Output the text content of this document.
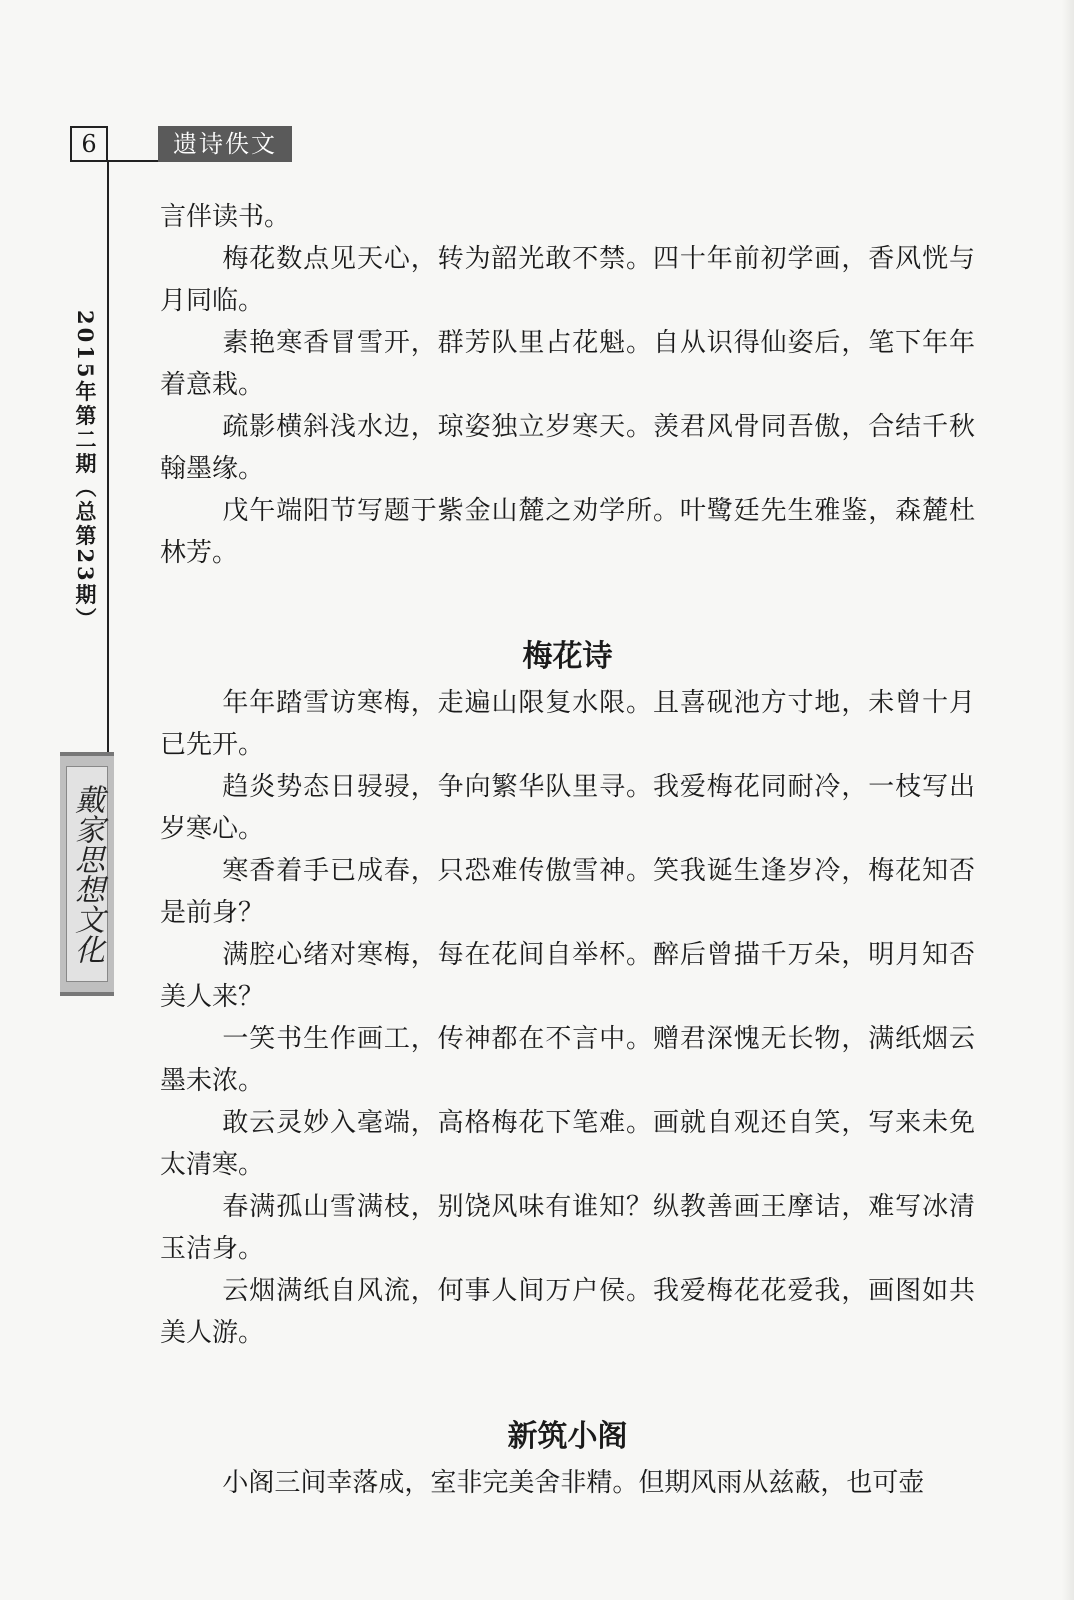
6	遗诗佚文
2015年第二期（总第23期）
戴家思想文化

言伴读书。

梅花数点见天心，转为韶光敢不禁。四十年前初学画，香风恍与月同临。

素艳寒香冒雪开，群芳队里占花魁。自从识得仙姿后，笔下年年着意栽。

疏影横斜浅水边，琼姿独立岁寒天。羡君风骨同吾傲，合结千秋翰墨缘。

戊午端阳节写题于紫金山麓之劝学所。叶鹭廷先生雅鉴，森麓杜林芳。

梅花诗

年年踏雪访寒梅，走遍山限复水限。且喜砚池方寸地，未曾十月已先开。

趋炎势态日骎骎，争向繁华队里寻。我爱梅花同耐冷，一枝写出岁寒心。

寒香着手已成春，只恐难传傲雪神。笑我诞生逢岁冷，梅花知否是前身？

满腔心绪对寒梅，每在花间自举杯。醉后曾描千万朵，明月知否美人来？

一笑书生作画工，传神都在不言中。赠君深愧无长物，满纸烟云墨未浓。

敢云灵妙入毫端，高格梅花下笔难。画就自观还自笑，写来未免太清寒。

春满孤山雪满枝，别饶风味有谁知？纵教善画王摩诘，难写冰清玉洁身。

云烟满纸自风流，何事人间万户侯。我爱梅花花爱我，画图如共美人游。

新筑小阁

小阁三间幸落成，室非完美舍非精。但期风雨从兹蔽，也可壶
